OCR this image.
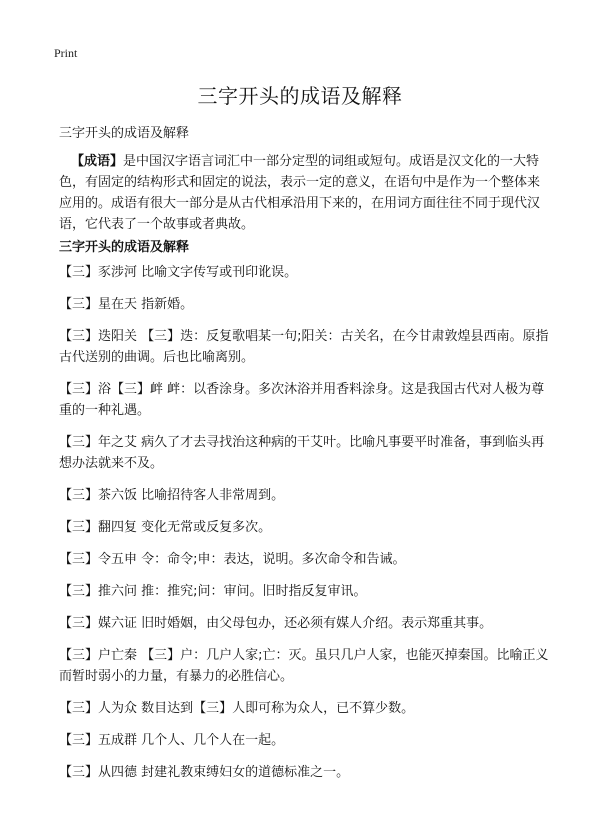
Print
三字开头的成语及解释
三字开头的成语及解释

【成语】是中国汉字语言词汇中一部分定型的词组或短句。成语是汉文化的一大特色，有固定的结构形式和固定的说法，表示一定的意义，在语句中是作为一个整体来应用的。成语有很大一部分是从古代相承沿用下来的，在用词方面往往不同于现代汉语，它代表了一个故事或者典故。

三字开头的成语及解释
【三】豕涉河 比喻文字传写或刊印讹误。
【三】星在天 指新婚。
【三】迭阳关 【三】迭：反复歌唱某一句;阳关：古关名，在今甘肃敦煌县西南。原指古代送别的曲调。后也比喻离别。
【三】浴【三】衅 衅：以香涂身。多次沐浴并用香料涂身。这是我国古代对人极为尊重的一种礼遇。
【三】年之艾 病久了才去寻找治这种病的干艾叶。比喻凡事要平时准备，事到临头再想办法就来不及。
【三】茶六饭 比喻招待客人非常周到。
【三】翻四复 变化无常或反复多次。
【三】令五申 令：命令;申：表达，说明。多次命令和告诫。
【三】推六问 推：推究;问：审问。旧时指反复审讯。
【三】媒六证 旧时婚姻，由父母包办，还必须有媒人介绍。表示郑重其事。
【三】户亡秦 【三】户：几户人家;亡：灭。虽只几户人家，也能灭掉秦国。比喻正义而暂时弱小的力量，有暴力的必胜信心。
【三】人为众 数目达到【三】人即可称为众人，已不算少数。
【三】五成群 几个人、几个人在一起。
【三】从四德 封建礼教束缚妇女的道德标准之一。
